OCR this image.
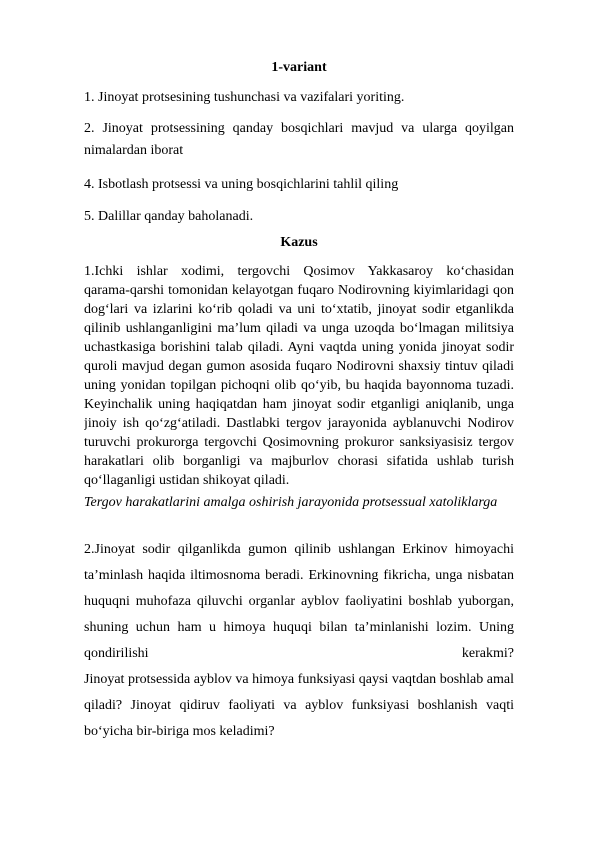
1-variant
1. Jinoyat protsesining tushunchasi va vazifalari yoriting.
2. Jinoyat protsessining qanday bosqichlari mavjud va ularga qoyilgan
nimalardan iborat
4. Isbotlash protsessi va uning bosqichlarini tahlil qiling
5. Dalillar qanday baholanadi.
Kazus
1.Ichki ishlar xodimi, tergovchi Qosimov Yakkasaroy ko‘chasidan
qarama-qarshi tomonidan kelayotgan fuqaro Nodirovning kiyimlaridagi qon
dog‘lari va izlarini ko‘rib qoladi va uni to‘xtatib, jinoyat sodir etganlikda
qilinib ushlanganligini ma’lum qiladi va unga uzoqda bo‘lmagan militsiya
uchastkasiga borishini talab qiladi. Ayni vaqtda uning yonida jinoyat sodir
quroli mavjud degan gumon asosida fuqaro Nodirovni shaxsiy tintuv qiladi
uning yonidan topilgan pichoqni olib qo‘yib, bu haqida bayonnoma tuzadi.
Keyinchalik uning haqiqatdan ham jinoyat sodir etganligi aniqlanib, unga
jinoiy ish qo‘zg‘atiladi. Dastlabki tergov jarayonida ayblanuvchi Nodirov
turuvchi prokurorga tergovchi Qosimovning prokuror sanksiyasisiz tergov
harakatlari olib borganligi va majburlov chorasi sifatida ushlab turish
qo‘llaganligi ustidan shikoyat qiladi.
Tergov harakatlarini amalga oshirish jarayonida protsessual xatoliklarga
2.Jinoyat sodir qilganlikda gumon qilinib ushlangan Erkinov himoyachi
ta’minlash haqida iltimosnoma beradi. Erkinovning fikricha, unga nisbatan
huquqni muhofaza qiluvchi organlar ayblov faoliyatini boshlab yuborgan,
shuning uchun ham u himoya huquqi bilan ta’minlanishi lozim. Uning
qondirilishi kerakmi?
Jinoyat protsessida ayblov va himoya funksiyasi qaysi vaqtdan boshlab amal
qiladi? Jinoyat qidiruv faoliyati va ayblov funksiyasi boshlanish vaqti
bo‘yicha bir-biriga mos keladimi?
